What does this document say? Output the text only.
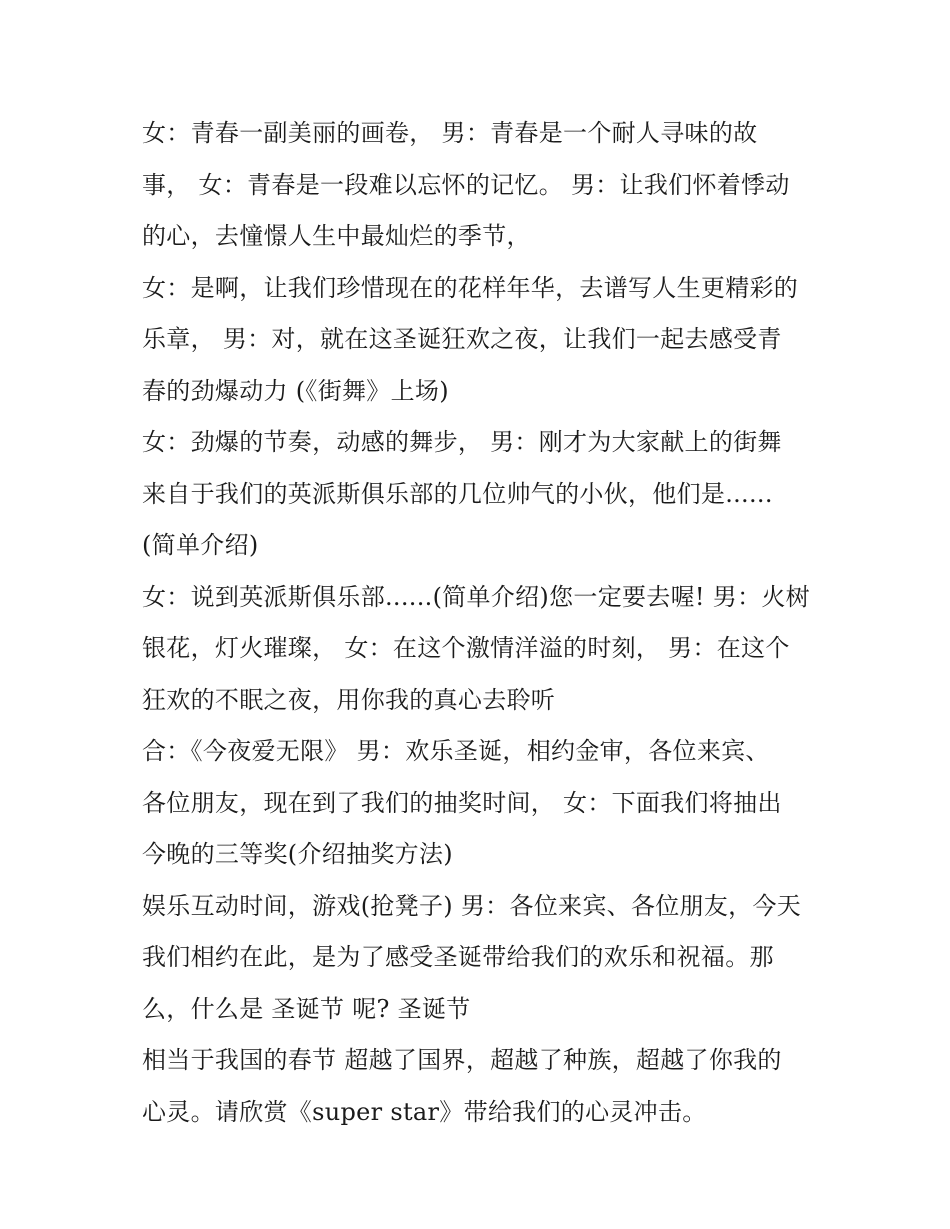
女：青春一副美丽的画卷， 男：青春是一个耐人寻味的故
事， 女：青春是一段难以忘怀的记忆。 男：让我们怀着悸动
的心，去憧憬人生中最灿烂的季节，
女：是啊，让我们珍惜现在的花样年华，去谱写人生更精彩的
乐章， 男：对，就在这圣诞狂欢之夜，让我们一起去感受青
春的劲爆动力 (《街舞》上场)
女：劲爆的节奏，动感的舞步， 男：刚才为大家献上的街舞
来自于我们的英派斯俱乐部的几位帅气的小伙，他们是......
(简单介绍)
女：说到英派斯俱乐部......(简单介绍)您一定要去喔! 男：火树
银花，灯火璀璨， 女：在这个激情洋溢的时刻， 男：在这个
狂欢的不眠之夜，用你我的真心去聆听
合：《今夜爱无限》 男：欢乐圣诞，相约金审，各位来宾、
各位朋友，现在到了我们的抽奖时间， 女：下面我们将抽出
今晚的三等奖(介绍抽奖方法)
娱乐互动时间，游戏(抢凳子) 男：各位来宾、各位朋友，今天
我们相约在此，是为了感受圣诞带给我们的欢乐和祝福。那
么，什么是 圣诞节 呢? 圣诞节
相当于我国的春节 超越了国界，超越了种族，超越了你我的
心灵。请欣赏《super star》带给我们的心灵冲击。
